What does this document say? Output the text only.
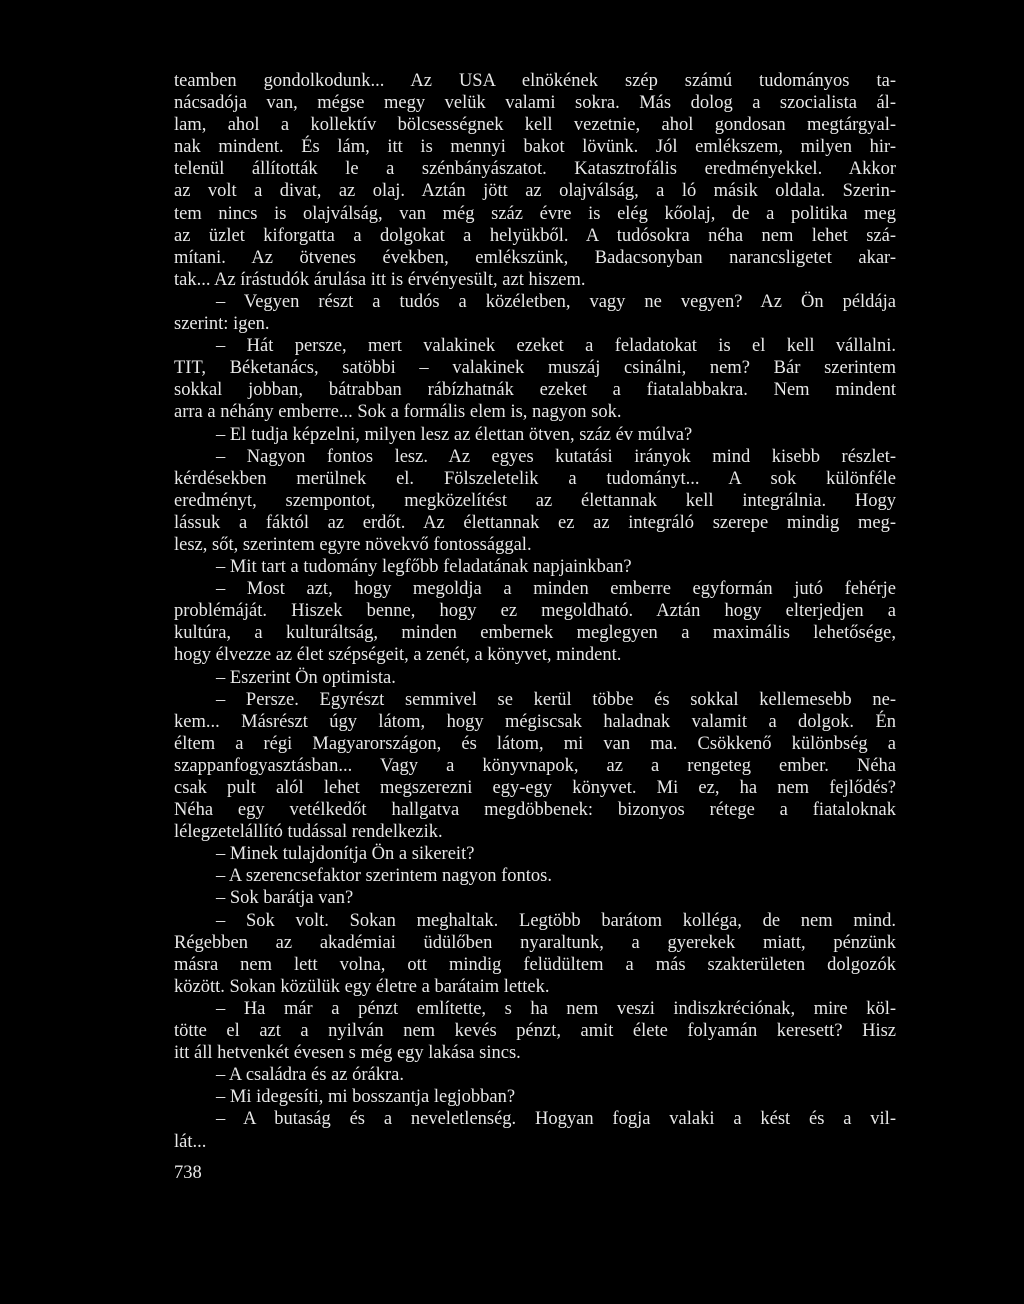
teamben gondolkodunk... Az USA elnökének szép számú tudományos ta-
nácsadója van, mégse megy velük valami sokra. Más dolog a szocialista ál-
lam, ahol a kollektív bölcsességnek kell vezetnie, ahol gondosan megtárgyal-
nak mindent. És lám, itt is mennyi bakot lövünk. Jól emlékszem, milyen hir-
telenül állították le a szénbányászatot. Katasztrofális eredményekkel. Akkor
az volt a divat, az olaj. Aztán jött az olajválság, a ló másik oldala. Szerin-
tem nincs is olajválság, van még száz évre is elég kőolaj, de a politika meg
az üzlet kiforgatta a dolgokat a helyükből. A tudósokra néha nem lehet szá-
mítani. Az ötvenes években, emlékszünk, Badacsonyban narancsligetet akar-
tak... Az írástudók árulása itt is érvényesült, azt hiszem.
– Vegyen részt a tudós a közéletben, vagy ne vegyen? Az Ön példája
szerint: igen.
– Hát persze, mert valakinek ezeket a feladatokat is el kell vállalni.
TIT, Béketanács, satöbbi – valakinek muszáj csinálni, nem? Bár szerintem
sokkal jobban, bátrabban rábízhatnák ezeket a fiatalabbakra. Nem mindent
arra a néhány emberre... Sok a formális elem is, nagyon sok.
– El tudja képzelni, milyen lesz az élettan ötven, száz év múlva?
– Nagyon fontos lesz. Az egyes kutatási irányok mind kisebb részlet-
kérdésekben merülnek el. Fölszeletelik a tudományt... A sok különféle
eredményt, szempontot, megközelítést az élettannak kell integrálnia. Hogy
lássuk a fáktól az erdőt. Az élettannak ez az integráló szerepe mindig meg-
lesz, sőt, szerintem egyre növekvő fontossággal.
– Mit tart a tudomány legfőbb feladatának napjainkban?
– Most azt, hogy megoldja a minden emberre egyformán jutó fehérje
problémáját. Hiszek benne, hogy ez megoldható. Aztán hogy elterjedjen a
kultúra, a kulturáltság, minden embernek meglegyen a maximális lehetősége,
hogy élvezze az élet szépségeit, a zenét, a könyvet, mindent.
– Eszerint Ön optimista.
– Persze. Egyrészt semmivel se kerül többe és sokkal kellemesebb ne-
kem... Másrészt úgy látom, hogy mégiscsak haladnak valamit a dolgok. Én
éltem a régi Magyarországon, és látom, mi van ma. Csökkenő különbség a
szappanfogyasztásban... Vagy a könyvnapok, az a rengeteg ember. Néha
csak pult alól lehet megszerezni egy-egy könyvet. Mi ez, ha nem fejlődés?
Néha egy vetélkedőt hallgatva megdöbbenek: bizonyos rétege a fiataloknak
lélegzetelállító tudással rendelkezik.
– Minek tulajdonítja Ön a sikereit?
– A szerencsefaktor szerintem nagyon fontos.
– Sok barátja van?
– Sok volt. Sokan meghaltak. Legtöbb barátom kolléga, de nem mind.
Régebben az akadémiai üdülőben nyaraltunk, a gyerekek miatt, pénzünk
másra nem lett volna, ott mindig felüdültem a más szakterületen dolgozók
között. Sokan közülük egy életre a barátaim lettek.
– Ha már a pénzt említette, s ha nem veszi indiszkréciónak, mire köl-
tötte el azt a nyilván nem kevés pénzt, amit élete folyamán keresett? Hisz
itt áll hetvenkét évesen s még egy lakása sincs.
– A családra és az órákra.
– Mi idegesíti, mi bosszantja legjobban?
– A butaság és a neveletlenség. Hogyan fogja valaki a kést és a vil-
lát...
738
